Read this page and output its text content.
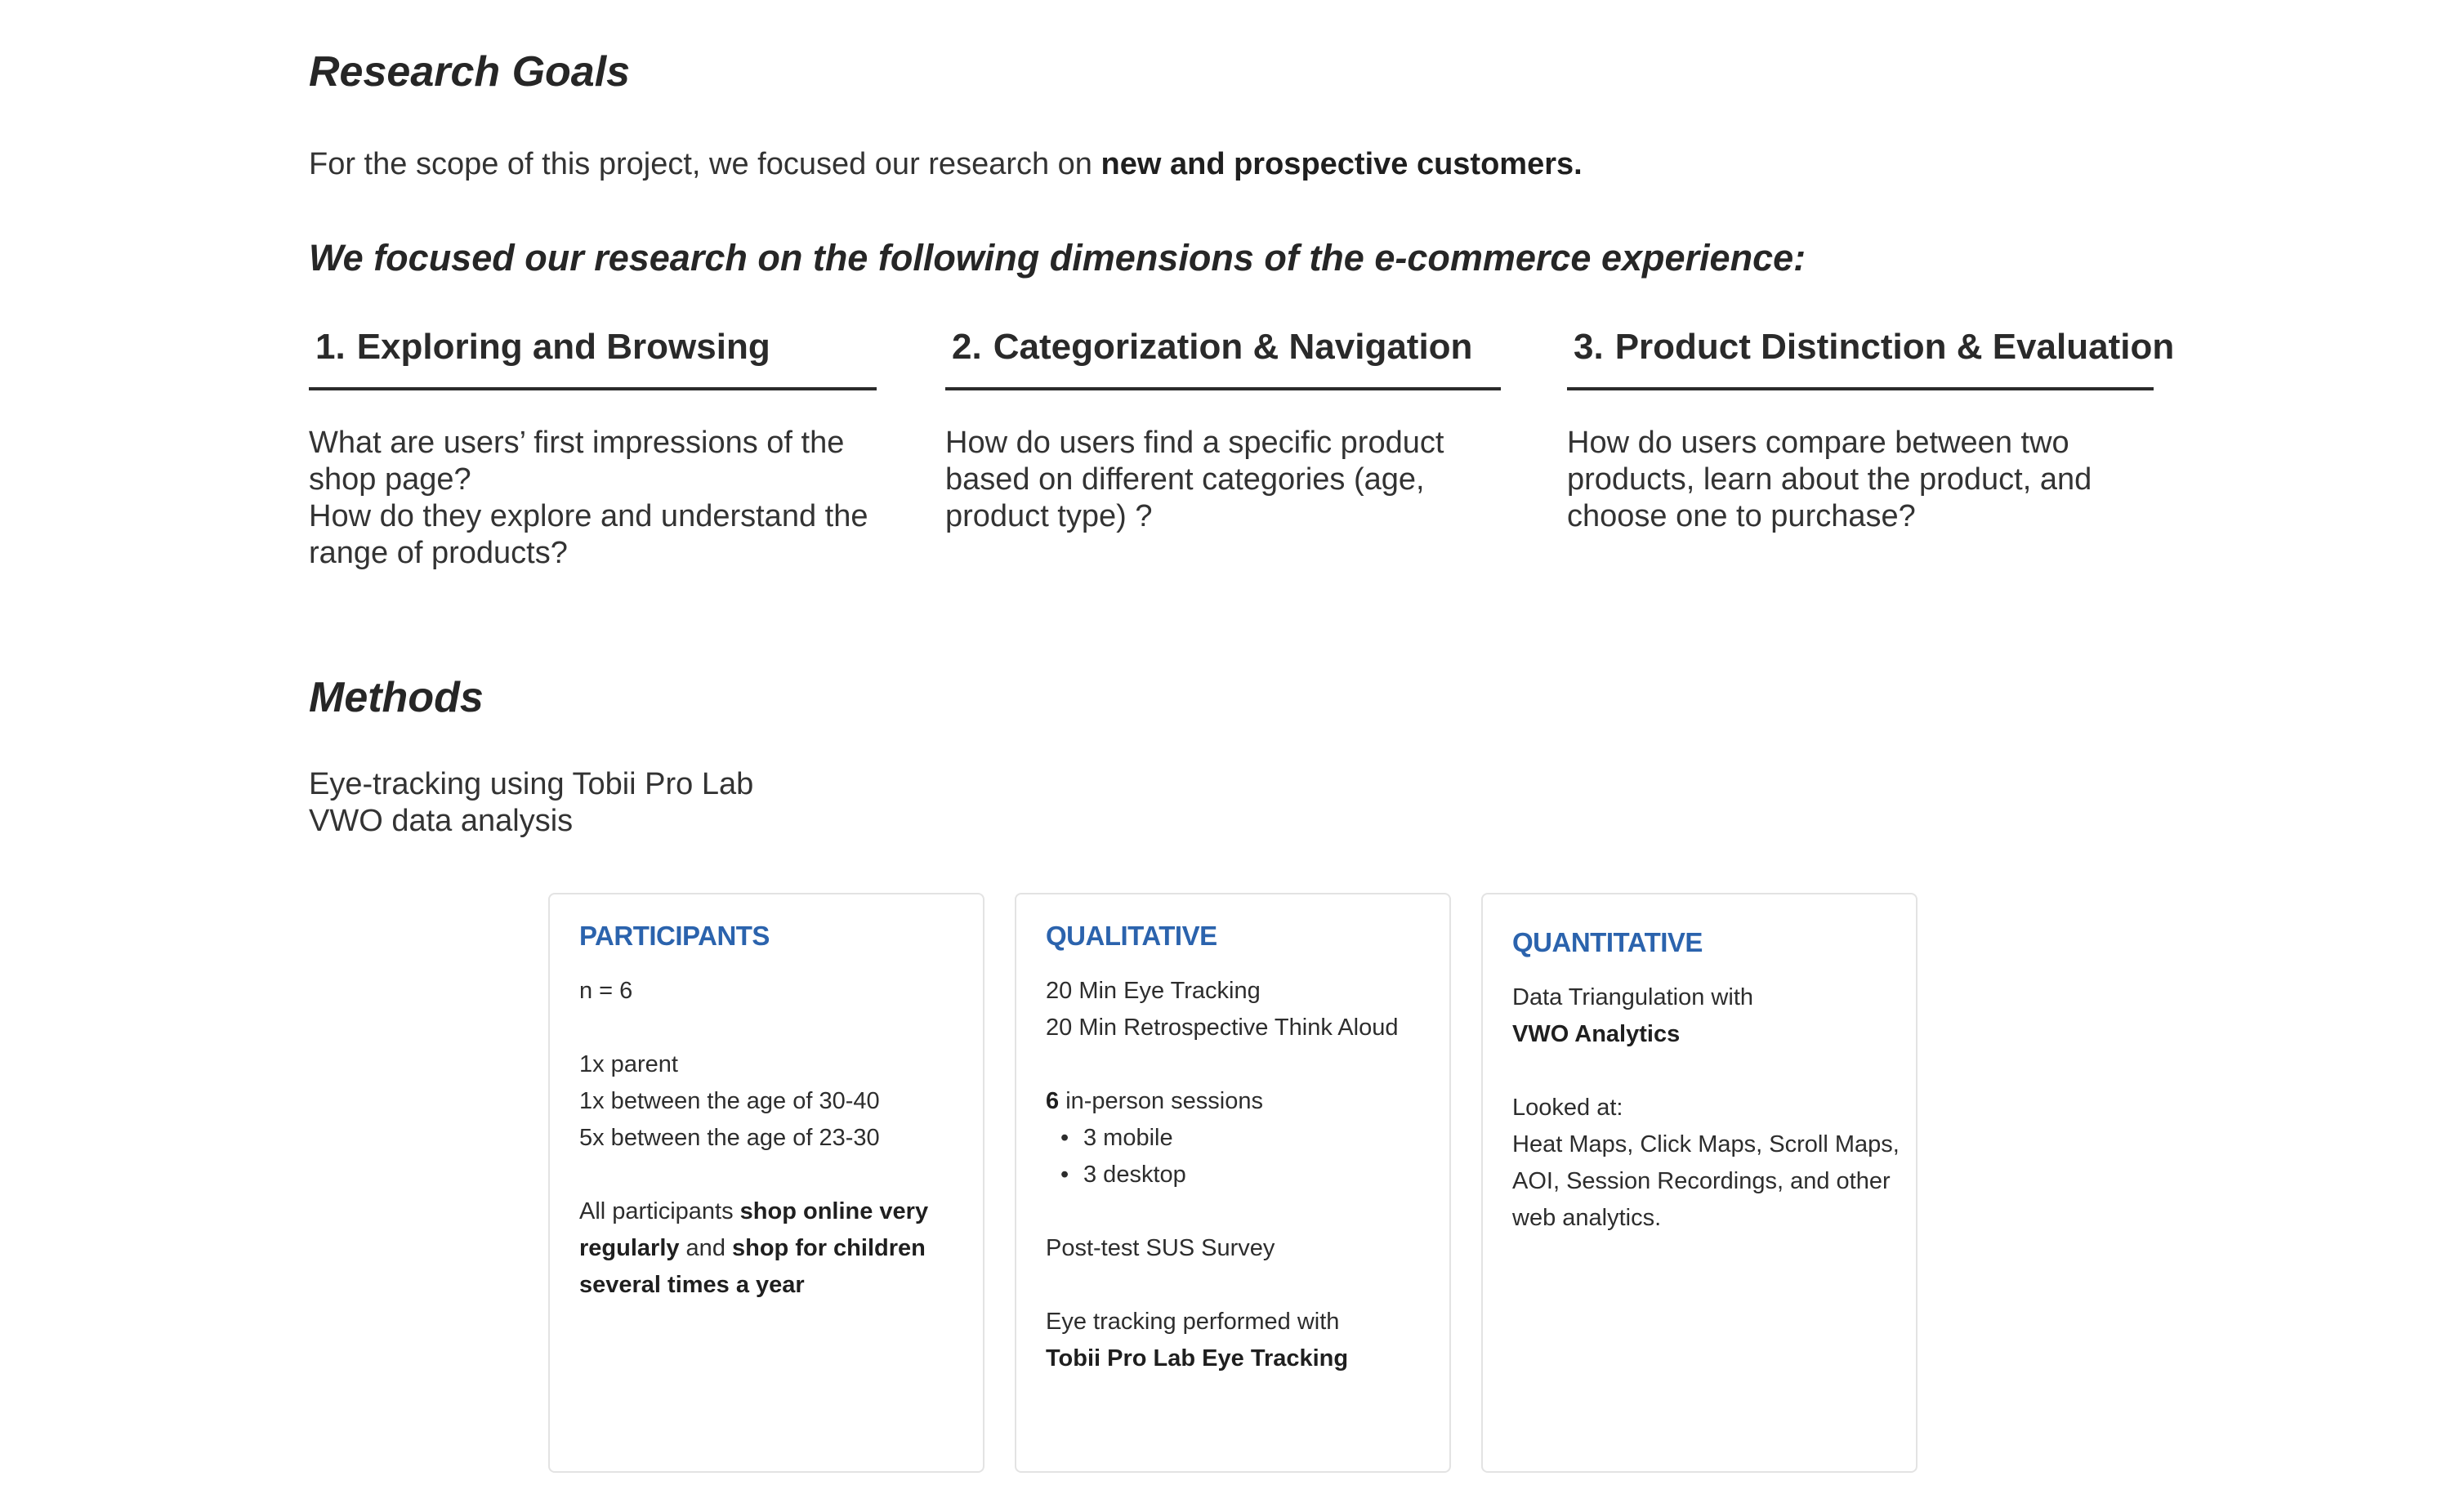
Research Goals
For the scope of this project, we focused our research on new and prospective customers.
We focused our research on the following dimensions of the e-commerce experience:
1. Exploring and Browsing
What are users’ first impressions of the
shop page?
How do they explore and understand the
range of products?
2. Categorization & Navigation
How do users find a specific product
based on different categories (age,
product type) ?
3. Product Distinction & Evaluation
How do users compare between two
products, learn about the product, and
choose one to purchase?
Methods
Eye-tracking using Tobii Pro Lab
VWO data analysis
PARTICIPANTS
n = 6
1x parent
1x between the age of 30-40
5x between the age of 23-30
All participants shop online very
regularly and shop for children
several times a year
QUALITATIVE
20 Min Eye Tracking
20 Min Retrospective Think Aloud
6 in-person sessions
• 3 mobile
• 3 desktop
Post-test SUS Survey
Eye tracking performed with
Tobii Pro Lab Eye Tracking
QUANTITATIVE
Data Triangulation with
VWO Analytics
Looked at:
Heat Maps, Click Maps, Scroll Maps,
AOI, Session Recordings, and other
web analytics.
